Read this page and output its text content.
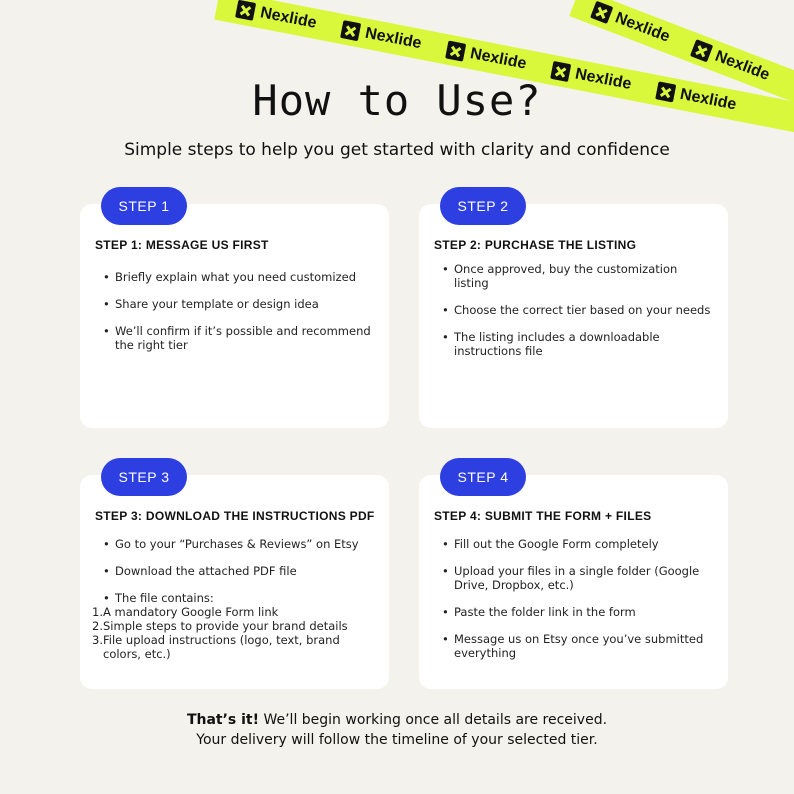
Nexlide
Nexlide
Nexlide
Nexlide
Nexlide
Nexlide
Nexlide
How to Use?
Simple steps to help you get started with clarity and confidence
STEP 1
STEP 1: MESSAGE US FIRST
• Briefly explain what you need customized
• Share your template or design idea
• We’ll confirm if it’s possible and recommend the right tier
STEP 2
STEP 2: PURCHASE THE LISTING
• Once approved, buy the customization listing
• Choose the correct tier based on your needs
• The listing includes a downloadable instructions file
STEP 3
STEP 3: DOWNLOAD THE INSTRUCTIONS PDF
• Go to your “Purchases & Reviews” on Etsy
• Download the attached PDF file
• The file contains:
A mandatory Google Form link
Simple steps to provide your brand details
File upload instructions (logo, text, brand colors, etc.)
STEP 4
STEP 4: SUBMIT THE FORM + FILES
• Fill out the Google Form completely
• Upload your files in a single folder (Google Drive, Dropbox, etc.)
• Paste the folder link in the form
• Message us on Etsy once you’ve submitted everything
That’s it! We’ll begin working once all details are received.
Your delivery will follow the timeline of your selected tier.
